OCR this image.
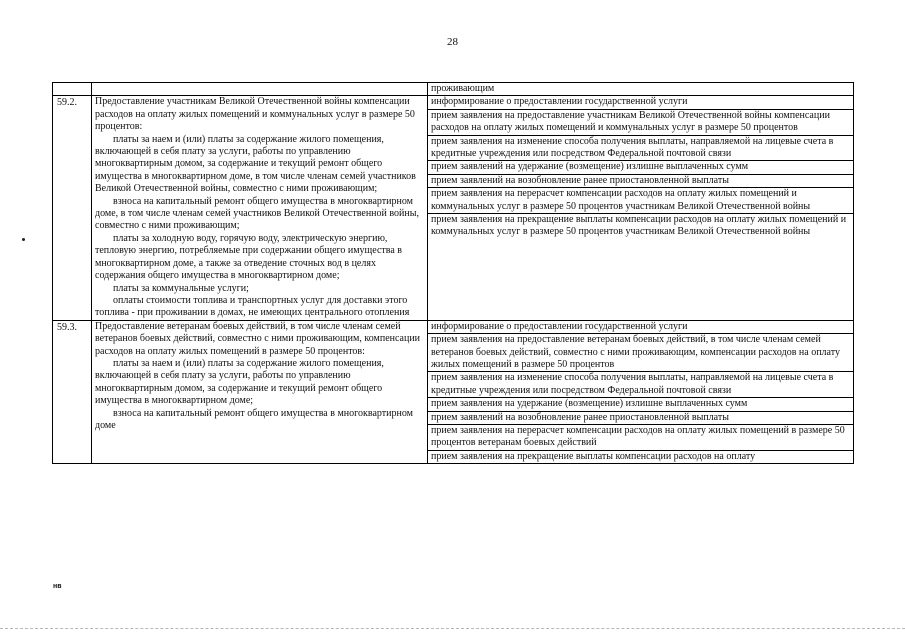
28
проживающим
59.2.	Предоставление участникам Великой Отечественной войны компенсации расходов на оплату жилых помещений и коммунальных услуг в размере 50 процентов:

платы за наем и (или) платы за содержание жилого помещения, включающей в себя плату за услуги, работы по управлению многоквартирным домом, за содержание и текущий ремонт общего имущества в многоквартирном доме, в том числе членам семей участников Великой Отечественной войны, совместно с ними проживающим;

взноса на капитальный ремонт общего имущества в многоквартирном доме, в том числе членам семей участников Великой Отечественной войны, совместно с ними проживающим;

платы за холодную воду, горячую воду, электрическую энергию, тепловую энергию, потребляемые при содержании общего имущества в многоквартирном доме, а также за отведение сточных вод в целях содержания общего имущества в многоквартирном доме;

платы за коммунальные услуги;

оплаты стоимости топлива и транспортных услуг для доставки этого топлива - при проживании в домах, не имеющих центрального отопления

информирование о предоставлении государственной услуги
прием заявления на предоставление участникам Великой Отечественной войны компенсации расходов на оплату жилых помещений и коммунальных услуг в размере 50 процентов
прием заявления на изменение способа получения выплаты, направляемой на лицевые счета в кредитные учреждения или посредством Федеральной почтовой связи
прием заявлений на удержание (возмещение) излишне выплаченных сумм
прием заявлений на возобновление ранее приостановленной выплаты
прием заявления на перерасчет компенсации расходов на оплату жилых помещений и коммунальных услуг в размере 50 процентов участникам Великой Отечественной войны
прием заявления на прекращение выплаты компенсации расходов на оплату жилых помещений и коммунальных услуг в размере 50 процентов участникам Великой Отечественной войны
59.3.	Предоставление ветеранам боевых действий, в том числе членам семей ветеранов боевых действий, совместно с ними проживающим, компенсации расходов на оплату жилых помещений в размере 50 процентов:

платы за наем и (или) платы за содержание жилого помещения, включающей в себя плату за услуги, работы по управлению многоквартирным домом, за содержание и текущий ремонт общего имущества в многоквартирном доме;

взноса на капитальный ремонт общего имущества в многоквартирном доме

информирование о предоставлении государственной услуги
прием заявления на предоставление ветеранам боевых действий, в том числе членам семей ветеранов боевых действий, совместно с ними проживающим, компенсации расходов на оплату жилых помещений в размере 50 процентов
прием заявления на изменение способа получения выплаты, направляемой на лицевые счета в кредитные учреждения или посредством Федеральной почтовой связи
прием заявления на удержание (возмещение) излишне выплаченных сумм
прием заявлений на возобновление ранее приостановленной выплаты
прием заявления на перерасчет компенсации расходов на оплату жилых помещений в размере 50 процентов ветеранам боевых действий
прием заявления на прекращение выплаты компенсации расходов на оплату
нв
